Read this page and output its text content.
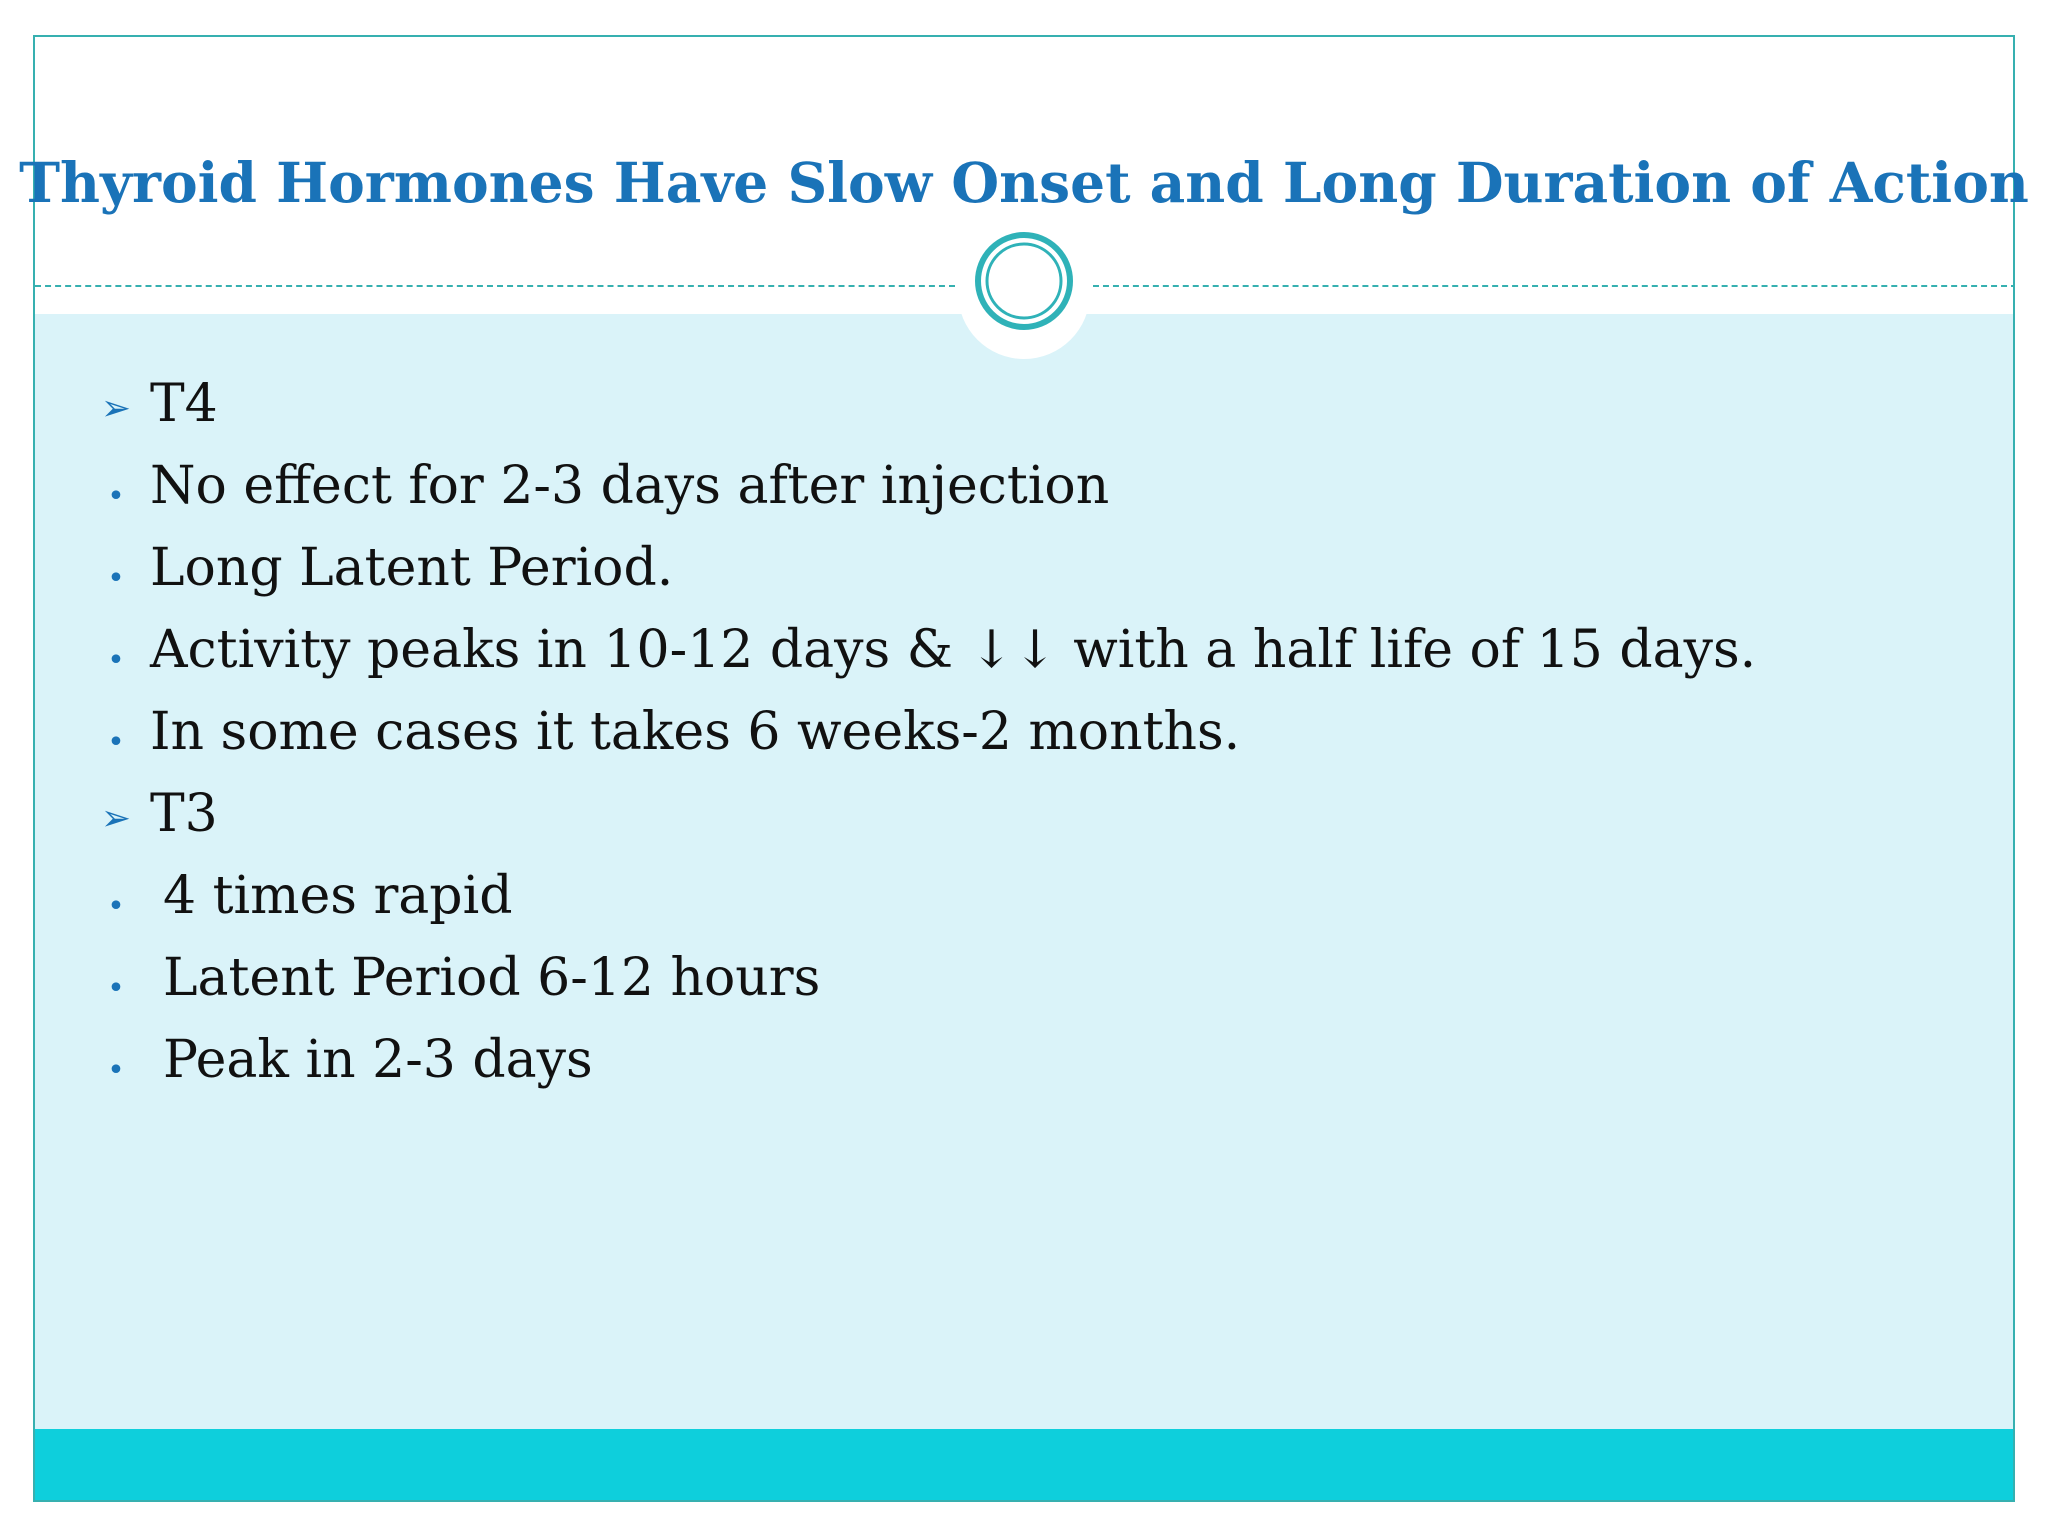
Thyroid Hormones Have Slow Onset and Long Duration of Action
➢ T4
• No effect for 2-3 days after injection
• Long Latent Period.
• Activity peaks in 10-12 days & ↓↓ with a half life of 15 days.
• In some cases it takes 6 weeks-2 months.
➢ T3
• 4 times rapid
• Latent Period 6-12 hours
• Peak in 2-3 days
